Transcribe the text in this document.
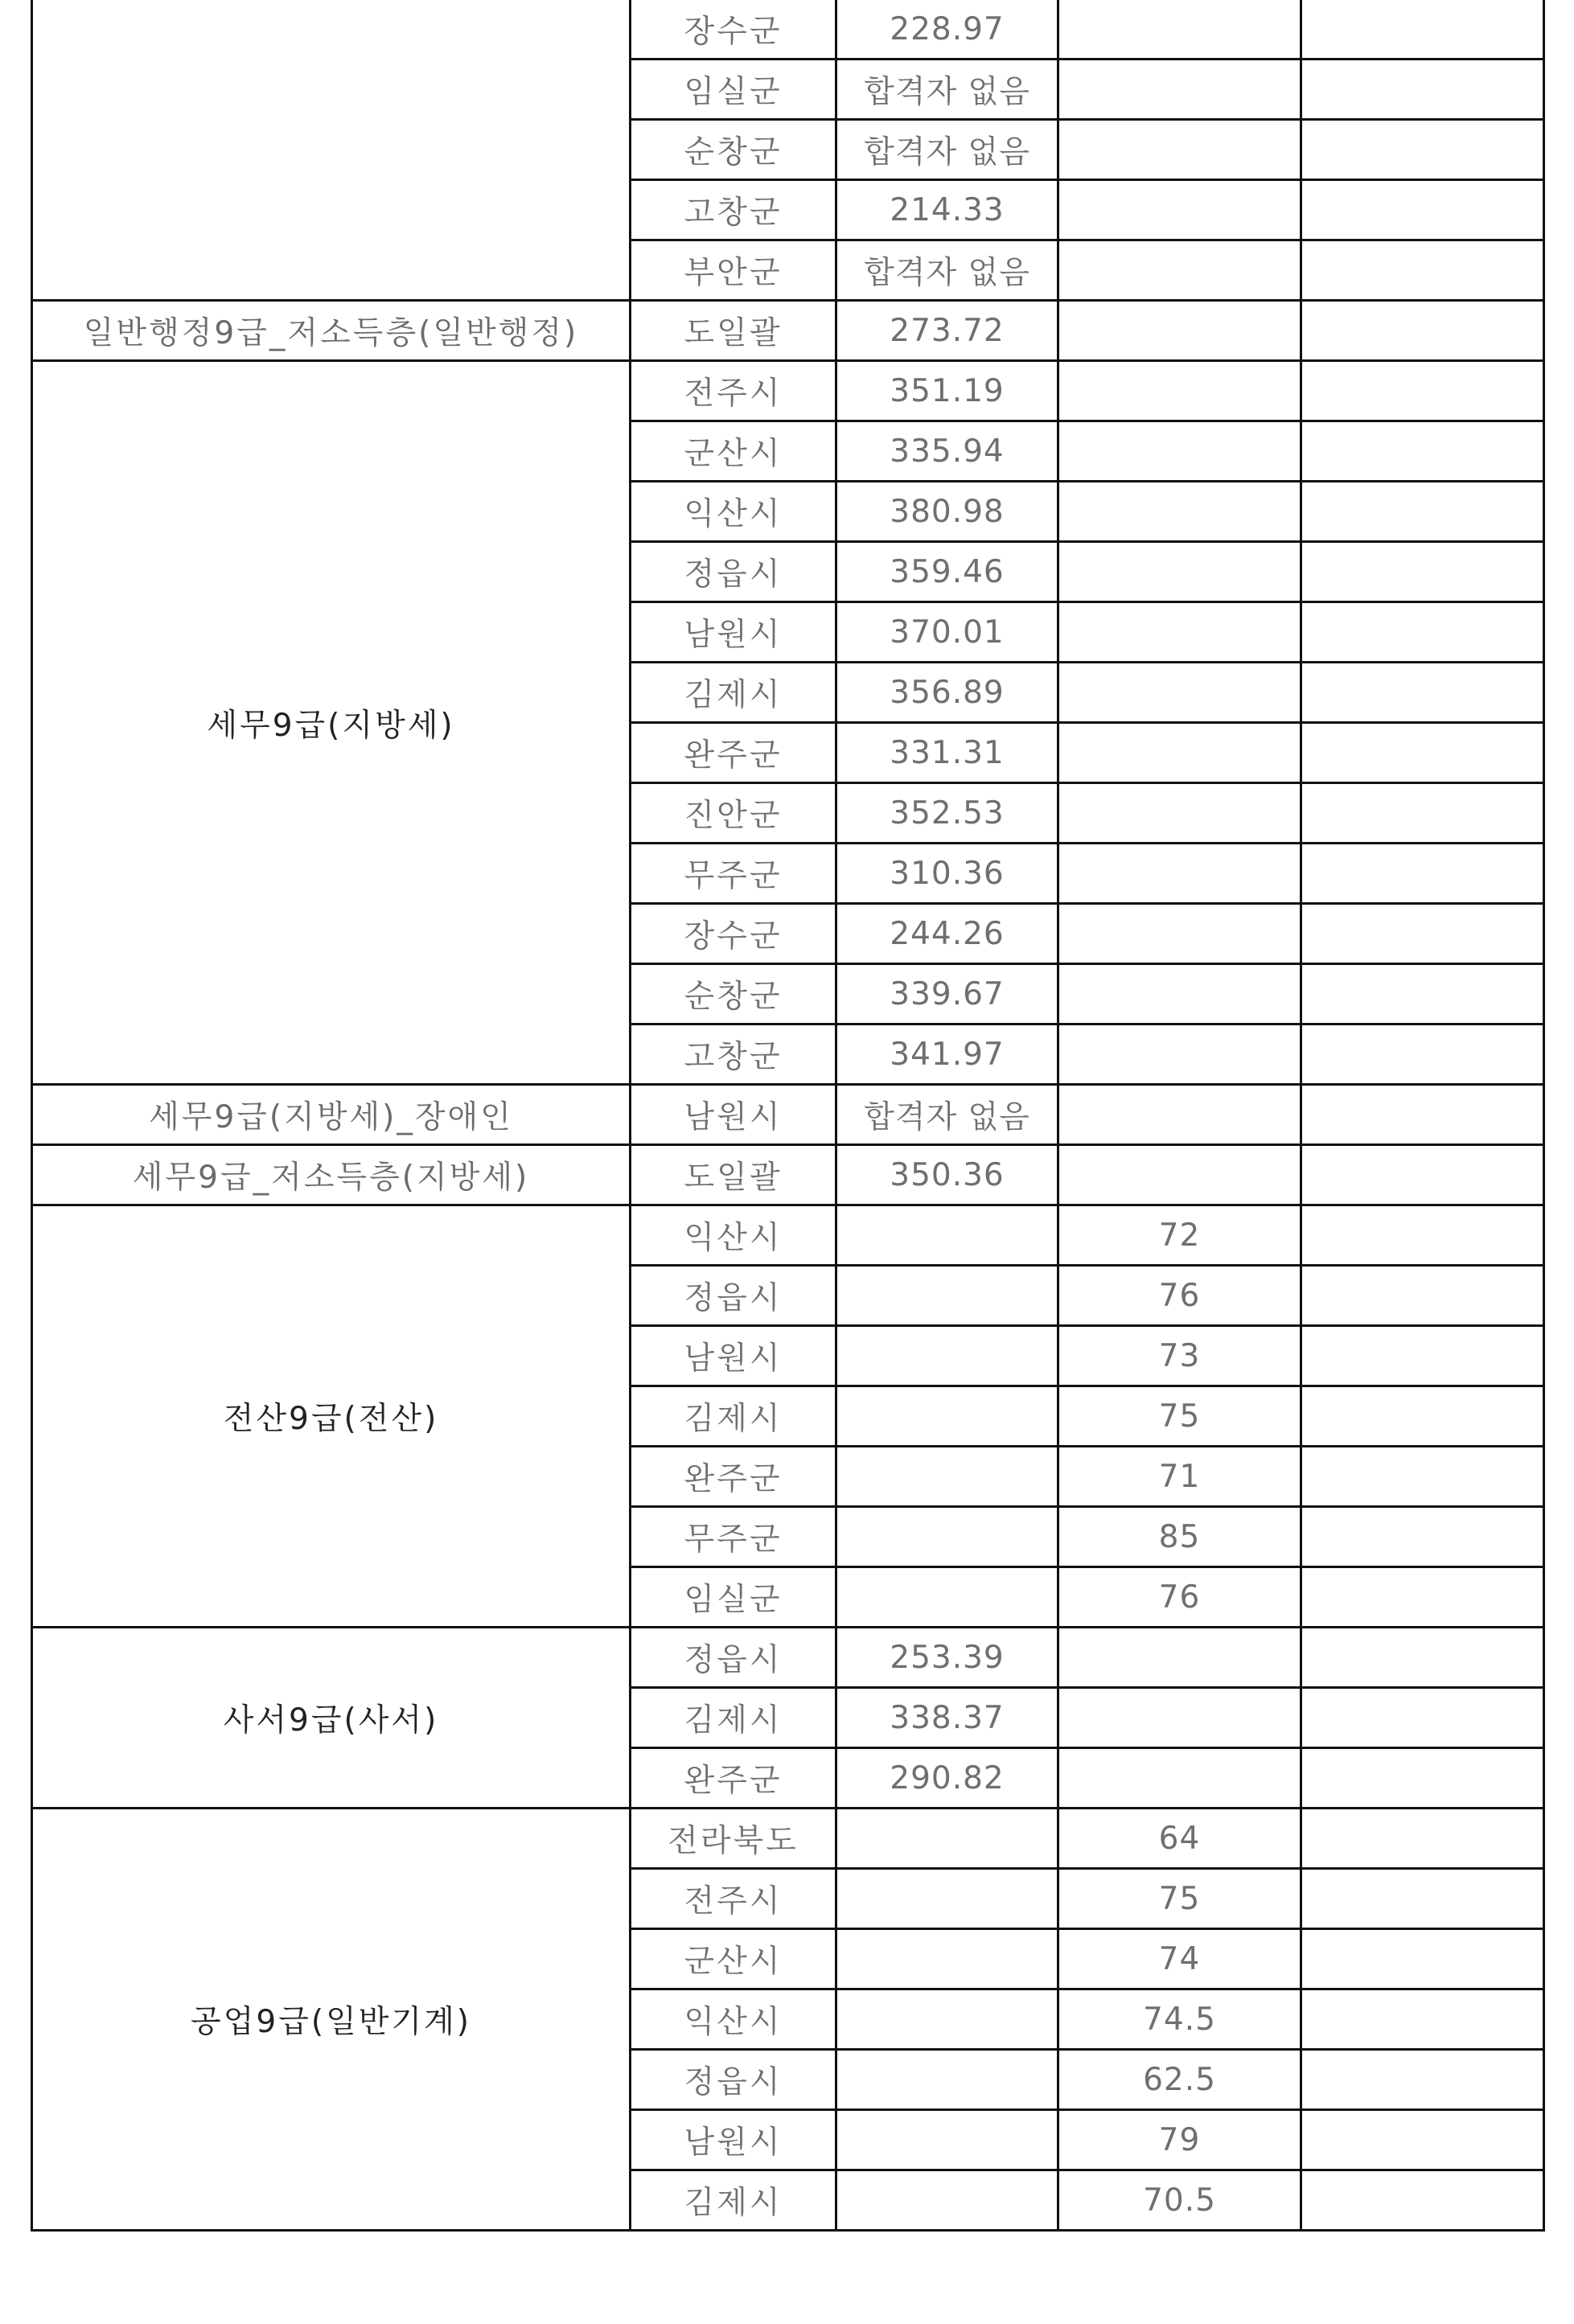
	장수군	228.97		
	임실군	합격자 없음		
	순창군	합격자 없음		
	고창군	214.33		
	부안군	합격자 없음		
일반행정9급_저소득층(일반행정)	도일괄	273.72		
세무9급(지방세)	전주시	351.19		
	군산시	335.94		
	익산시	380.98		
	정읍시	359.46		
	남원시	370.01		
	김제시	356.89		
	완주군	331.31		
	진안군	352.53		
	무주군	310.36		
	장수군	244.26		
	순창군	339.67		
	고창군	341.97		
세무9급(지방세)_장애인	남원시	합격자 없음		
세무9급_저소득층(지방세)	도일괄	350.36		
전산9급(전산)	익산시		72	
	정읍시		76	
	남원시		73	
	김제시		75	
	완주군		71	
	무주군		85	
	임실군		76	
사서9급(사서)	정읍시	253.39		
	김제시	338.37		
	완주군	290.82		
공업9급(일반기계)	전라북도		64	
	전주시		75	
	군산시		74	
	익산시		74.5	
	정읍시		62.5	
	남원시		79	
	김제시		70.5	
